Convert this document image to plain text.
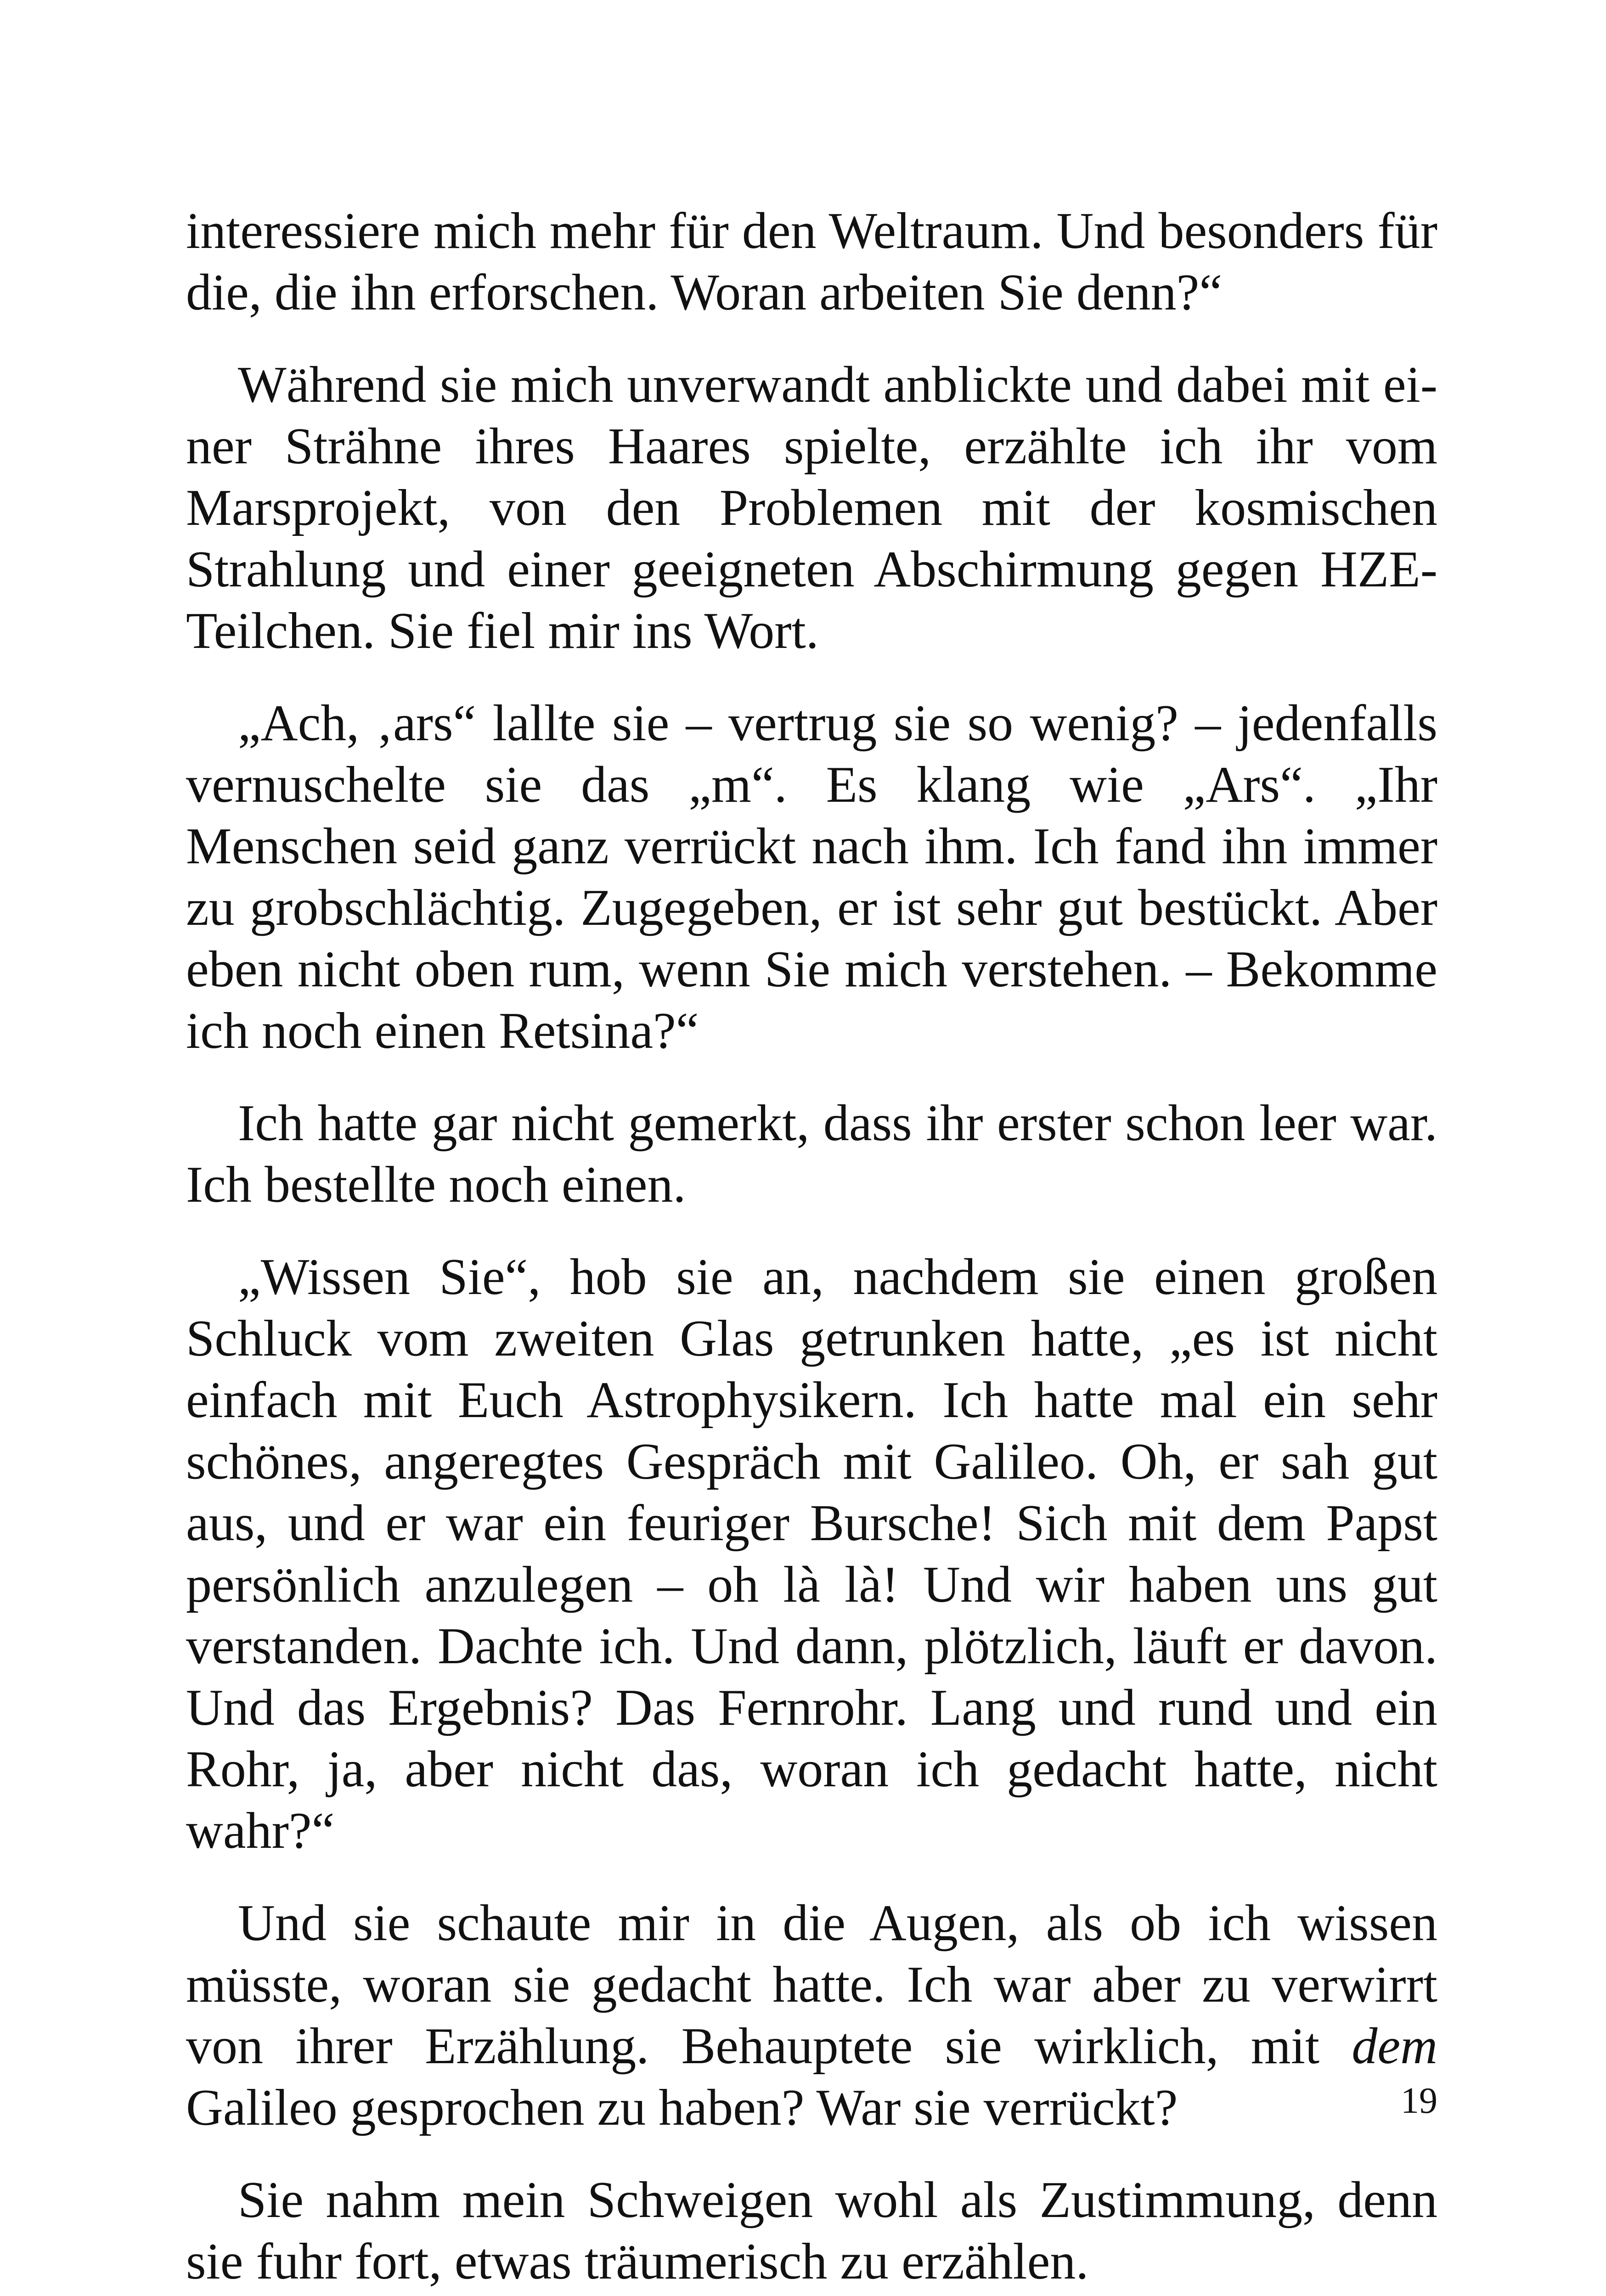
interessiere mich mehr für den Weltraum. Und besonders für die, die ihn erforschen. Woran arbeiten Sie denn?“

Während sie mich unverwandt anblickte und dabei mit einer Strähne ihres Haares spielte, erzählte ich ihr vom Marsprojekt, von den Problemen mit der kosmischen Strahlung und einer geeigneten Abschirmung gegen HZE-Teilchen. Sie fiel mir ins Wort.

„Ach, ‚ars“ lallte sie – vertrug sie so wenig? – jedenfalls vernuschelte sie das „m“. Es klang wie „Ars“. „Ihr Menschen seid ganz verrückt nach ihm. Ich fand ihn immer zu grobschlächtig. Zugegeben, er ist sehr gut bestückt. Aber eben nicht oben rum, wenn Sie mich verstehen. – Bekomme ich noch einen Retsina?“

Ich hatte gar nicht gemerkt, dass ihr erster schon leer war. Ich bestellte noch einen.

„Wissen Sie“, hob sie an, nachdem sie einen großen Schluck vom zweiten Glas getrunken hatte, „es ist nicht einfach mit Euch Astrophysikern. Ich hatte mal ein sehr schönes, angeregtes Gespräch mit Galileo. Oh, er sah gut aus, und er war ein feuriger Bursche! Sich mit dem Papst persönlich anzulegen – oh là là! Und wir haben uns gut verstanden. Dachte ich. Und dann, plötzlich, läuft er davon. Und das Ergebnis? Das Fernrohr. Lang und rund und ein Rohr, ja, aber nicht das, woran ich gedacht hatte, nicht wahr?“

Und sie schaute mir in die Augen, als ob ich wissen müsste, woran sie gedacht hatte. Ich war aber zu verwirrt von ihrer Erzählung. Behauptete sie wirklich, mit dem Galileo gesprochen zu haben? War sie verrückt?

Sie nahm mein Schweigen wohl als Zustimmung, denn sie fuhr fort, etwas träumerisch zu erzählen.

19
